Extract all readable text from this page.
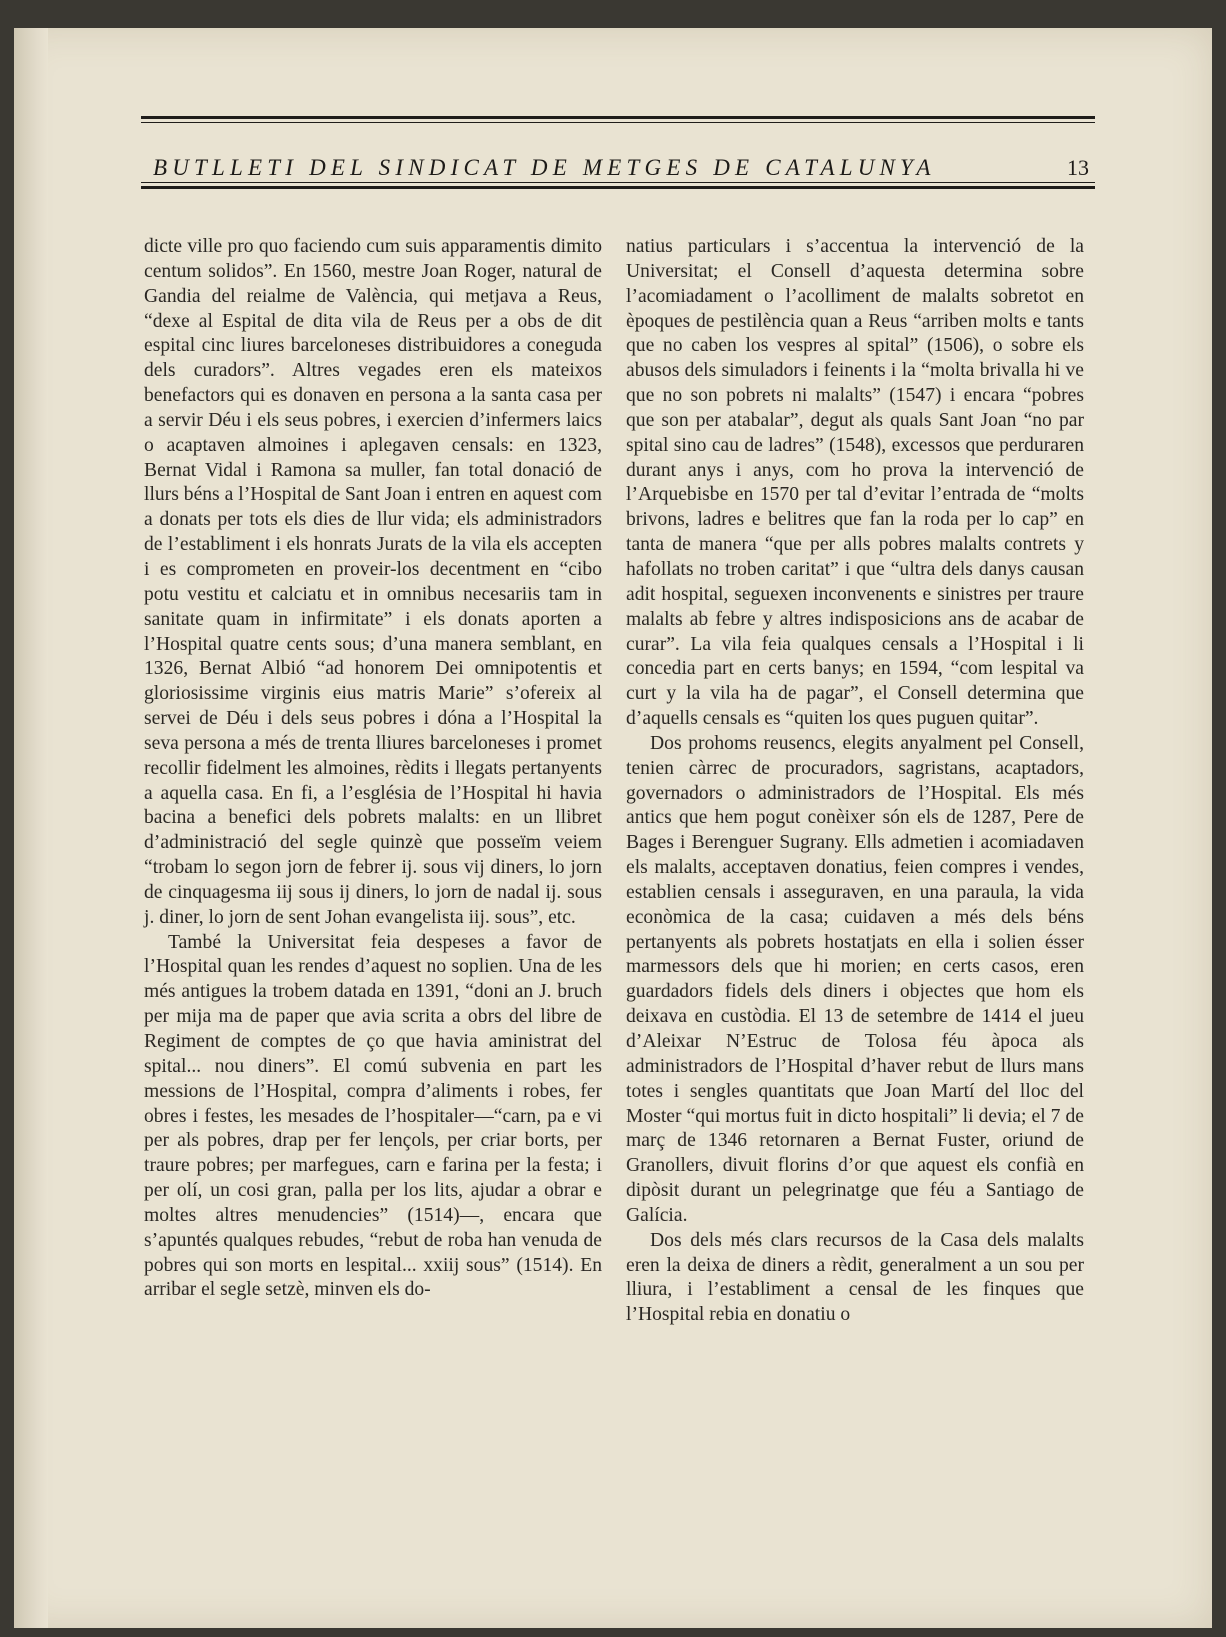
BUTLLETI DEL SINDICAT DE METGES DE CATALUNYA	13

dicte ville pro quo faciendo cum suis apparamentis dimito centum solidos”. En 1560, mestre Joan Roger, natural de Gandia del reialme de València, qui metjava a Reus, “dexe al Espital de dita vila de Reus per a obs de dit espital cinc liures barceloneses distribuidores a coneguda dels curadors”. Altres vegades eren els mateixos benefactors qui es donaven en persona a la santa casa per a servir Déu i els seus pobres, i exercien d’infermers laics o acaptaven almoines i aplegaven censals: en 1323, Bernat Vidal i Ramona sa muller, fan total donació de llurs béns a l’Hospital de Sant Joan i entren en aquest com a donats per tots els dies de llur vida; els administradors de l’establiment i els honrats Jurats de la vila els accepten i es comprometen en proveir-los decentment en “cibo potu vestitu et calciatu et in omnibus necesariis tam in sanitate quam in infirmitate” i els donats aporten a l’Hospital quatre cents sous; d’una manera semblant, en 1326, Bernat Albió “ad honorem Dei omnipotentis et gloriosissime virginis eius matris Marie” s’ofereix al servei de Déu i dels seus pobres i dóna a l’Hospital la seva persona a més de trenta lliures barceloneses i promet recollir fidelment les almoines, rèdits i llegats pertanyents a aquella casa. En fi, a l’església de l’Hospital hi havia bacina a benefici dels pobrets malalts: en un llibret d’administració del segle quinzè que posseïm veiem “trobam lo segon jorn de febrer ij. sous vij diners, lo jorn de cinquagesma iij sous ij diners, lo jorn de nadal ij. sous j. diner, lo jorn de sent Johan evangelista iij. sous”, etc.

També la Universitat feia despeses a favor de l’Hospital quan les rendes d’aquest no soplien. Una de les més antigues la trobem datada en 1391, “doni an J. bruch per mija ma de paper que avia scrita a obrs del libre de Regiment de comptes de ço que havia aministrat del spital... nou diners”. El comú subvenia en part les messions de l’Hospital, compra d’aliments i robes, fer obres i festes, les mesades de l’hospitaler—“carn, pa e vi per als pobres, drap per fer lençols, per criar borts, per traure pobres; per marfegues, carn e farina per la festa; i per olí, un cosi gran, palla per los lits, ajudar a obrar e moltes altres menudencies” (1514)—, encara que s’apuntés qualques rebudes, “rebut de roba han venuda de pobres qui son morts en lespital... xxiij sous” (1514). En arribar el segle setzè, minven els do-

natius particulars i s’accentua la intervenció de la Universitat; el Consell d’aquesta determina sobre l’acomiadament o l’acolliment de malalts sobretot en èpoques de pestilència quan a Reus “arriben molts e tants que no caben los vespres al spital” (1506), o sobre els abusos dels simuladors i feinents i la “molta brivalla hi ve que no son pobrets ni malalts” (1547) i encara “pobres que son per atabalar”, degut als quals Sant Joan “no par spital sino cau de ladres” (1548), excessos que perduraren durant anys i anys, com ho prova la intervenció de l’Arquebisbe en 1570 per tal d’evitar l’entrada de “molts brivons, ladres e belitres que fan la roda per lo cap” en tanta de manera “que per alls pobres malalts contrets y hafollats no troben caritat” i que “ultra dels danys causan adit hospital, seguexen inconvenents e sinistres per traure malalts ab febre y altres indisposicions ans de acabar de curar”. La vila feia qualques censals a l’Hospital i li concedia part en certs banys; en 1594, “com lespital va curt y la vila ha de pagar”, el Consell determina que d’aquells censals es “quiten los ques puguen quitar”.

Dos prohoms reusencs, elegits anyalment pel Consell, tenien càrrec de procuradors, sagristans, acaptadors, governadors o administradors de l’Hospital. Els més antics que hem pogut conèixer són els de 1287, Pere de Bages i Berenguer Sugrany. Ells admetien i acomiadaven els malalts, acceptaven donatius, feien compres i vendes, establien censals i asseguraven, en una paraula, la vida econòmica de la casa; cuidaven a més dels béns pertanyents als pobrets hostatjats en ella i solien ésser marmessors dels que hi morien; en certs casos, eren guardadors fidels dels diners i objectes que hom els deixava en custòdia. El 13 de setembre de 1414 el jueu d’Aleixar N’Estruc de Tolosa féu àpoca als administradors de l’Hospital d’haver rebut de llurs mans totes i sengles quantitats que Joan Martí del lloc del Moster “qui mortus fuit in dicto hospitali” li devia; el 7 de març de 1346 retornaren a Bernat Fuster, oriund de Granollers, divuit florins d’or que aquest els confià en dipòsit durant un pelegrinatge que féu a Santiago de Galícia.

Dos dels més clars recursos de la Casa dels malalts eren la deixa de diners a rèdit, generalment a un sou per lliura, i l’establiment a censal de les finques que l’Hospital rebia en donatiu o
